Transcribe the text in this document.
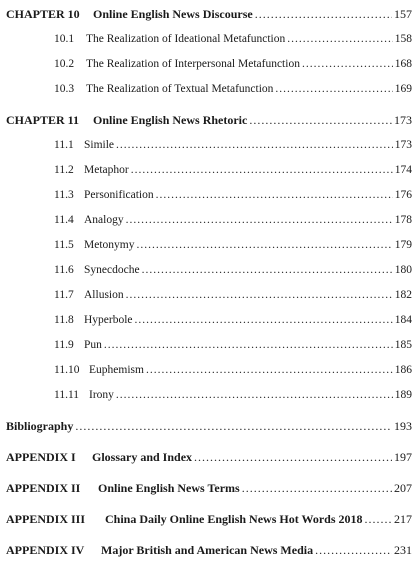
CHAPTER 10	Online English News Discourse .....	157
10.1	The Realization of Ideational Metafunction .....	158
10.2	The Realization of Interpersonal Metafunction .....	168
10.3	The Realization of Textual Metafunction .....	169
CHAPTER 11	Online English News Rhetoric .....	173
11.1 Simile .....	173
11.2 Metaphor .....	174
11.3 Personification .....	176
11.4 Analogy .....	178
11.5 Metonymy .....	179
11.6 Synecdoche .....	180
11.7 Allusion .....	182
11.8 Hyperbole .....	184
11.9 Pun .....	185
11.10 Euphemism .....	186
11.11 Irony .....	189
Bibliography .....	193
APPENDIX I	Glossary and Index .....	197
APPENDIX II	Online English News Terms .....	207
APPENDIX III	China Daily Online English News Hot Words 2018 .....	217
APPENDIX IV	Major British and American News Media .....	231
